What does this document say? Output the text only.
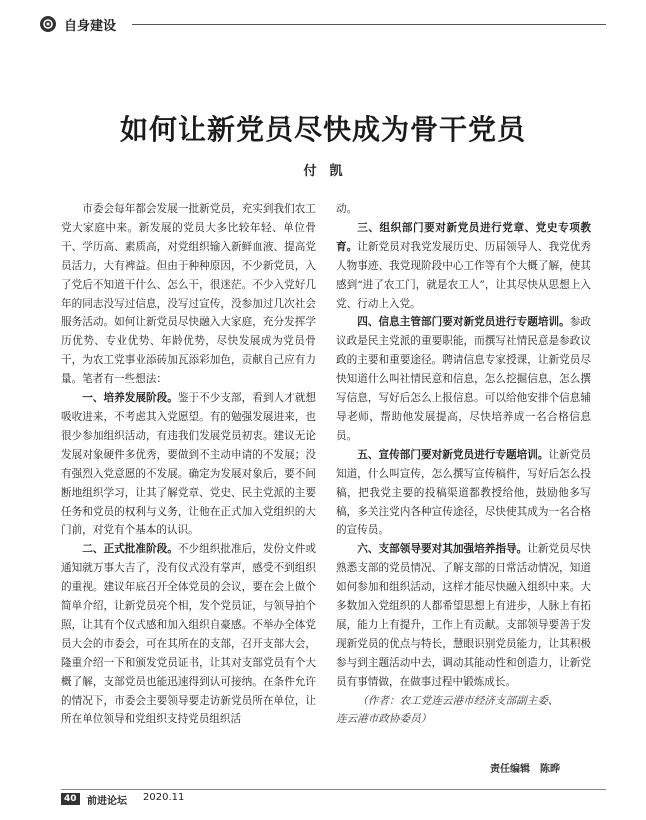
自身建设
如何让新党员尽快成为骨干党员
付　凯

市委会每年都会发展一批新党员，充实到我们农工党大家庭中来。新发展的党员大多比较年轻、单位骨干、学历高、素质高，对党组织输入新鲜血液、提高党员活力，大有裨益。但由于种种原因，不少新党员，入了党后不知道干什么、怎么干，很迷茫。不少入党好几年的同志没写过信息，没写过宣传，没参加过几次社会服务活动。如何让新党员尽快融入大家庭，充分发挥学历优势、专业优势、年龄优势，尽快发展成为党员骨干，为农工党事业添砖加瓦添彩加色，贡献自己应有力量。笔者有一些想法：

一、培养发展阶段。鉴于不少支部，看到人才就想吸收进来，不考虑其入党愿望。有的勉强发展进来，也很少参加组织活动，有违我们发展党员初衷。建议无论发展对象硬件多优秀，要做到不主动申请的不发展；没有强烈入党意愿的不发展。确定为发展对象后，要不间断地组织学习，让其了解党章、党史、民主党派的主要任务和党员的权利与义务，让他在正式加入党组织的大门前，对党有个基本的认识。

二、正式批准阶段。不少组织批准后，发份文件或通知就万事大吉了，没有仪式没有掌声，感受不到组织的重视。建议年底召开全体党员的会议，要在会上做个简单介绍，让新党员亮个相，发个党员证，与领导拍个照，让其有个仪式感和加入组织自豪感。不举办全体党员大会的市委会，可在其所在的支部，召开支部大会，隆重介绍一下和颁发党员证书，让其对支部党员有个大概了解，支部党员也能迅速得到认可接纳。在条件允许的情况下，市委会主要领导要走访新党员所在单位，让所在单位领导和党组织支持党员组织活

动。

三、组织部门要对新党员进行党章、党史专项教育。让新党员对我党发展历史、历届领导人、我党优秀人物事迹、我党现阶段中心工作等有个大概了解，使其感到“进了农工门，就是农工人”，让其尽快从思想上入党、行动上入党。

四、信息主管部门要对新党员进行专题培训。参政议政是民主党派的重要职能，而撰写社情民意是参政议政的主要和重要途径。聘请信息专家授课，让新党员尽快知道什么叫社情民意和信息，怎么挖掘信息，怎么撰写信息，写好后怎么上报信息。可以给他安排个信息辅导老师，帮助他发展提高，尽快培养成一名合格信息员。

五、宣传部门要对新党员进行专题培训。让新党员知道，什么叫宣传，怎么撰写宣传稿件，写好后怎么投稿，把我党主要的投稿渠道都教授给他，鼓励他多写稿，多关注党内各种宣传途径，尽快使其成为一名合格的宣传员。

六、支部领导要对其加强培养指导。让新党员尽快熟悉支部的党员情况、了解支部的日常活动情况，知道如何参加和组织活动，这样才能尽快融入组织中来。大多数加入党组织的人都希望思想上有进步，人脉上有拓展，能力上有提升，工作上有贡献。支部领导要善于发现新党员的优点与特长，慧眼识别党员能力，让其积极参与到主题活动中去，调动其能动性和创造力，让新党员有事情做，在做事过程中锻炼成长。

（作者：农工党连云港市经济支部副主委、

连云港市政协委员）

责任编辑　陈晔
40	前进论坛 2020.11
